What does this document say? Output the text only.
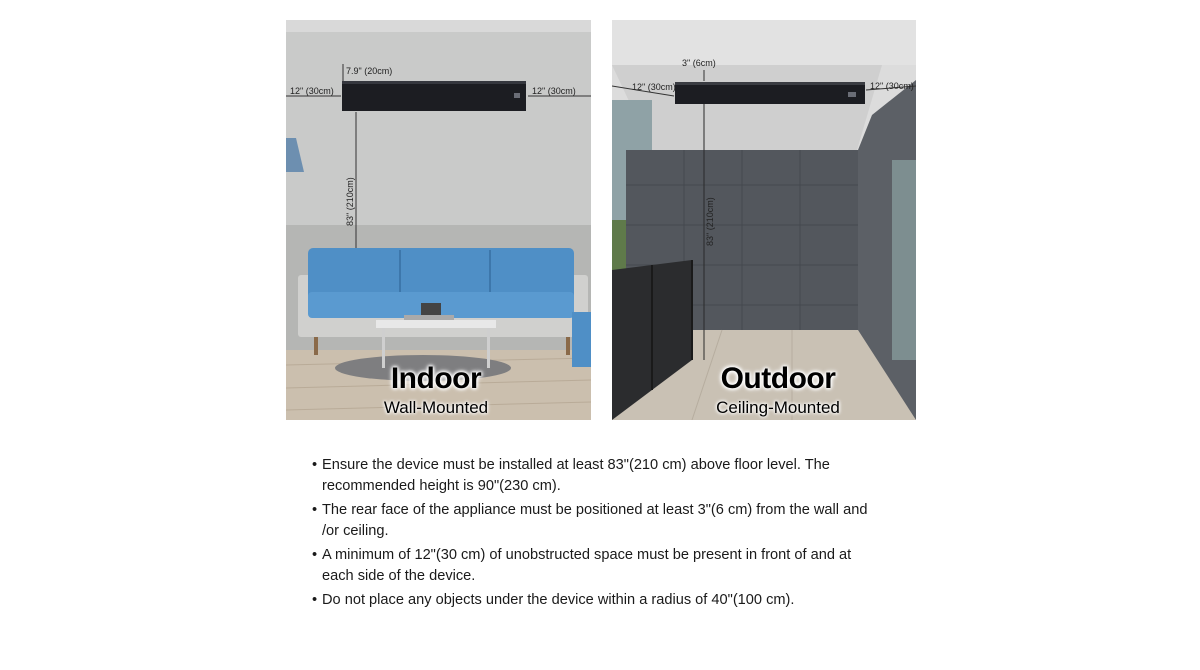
7.9" (20cm)
12" (30cm)	12" (30cm)
83" (210cm)
Indoor
Wall-Mounted
3" (6cm)
12" (30cm)	12" (30cm)
83" (210cm)
Outdoor
Ceiling-Mounted
• Ensure the device must be installed at least 83"(210 cm) above floor level. The recommended height is 90"(230 cm).
• The rear face of the appliance must be positioned at least 3"(6 cm) from the wall and /or ceiling.
• A minimum of 12"(30 cm) of unobstructed space must be present in front of and at each side of the device.
• Do not place any objects under the device within a radius of 40"(100 cm).
